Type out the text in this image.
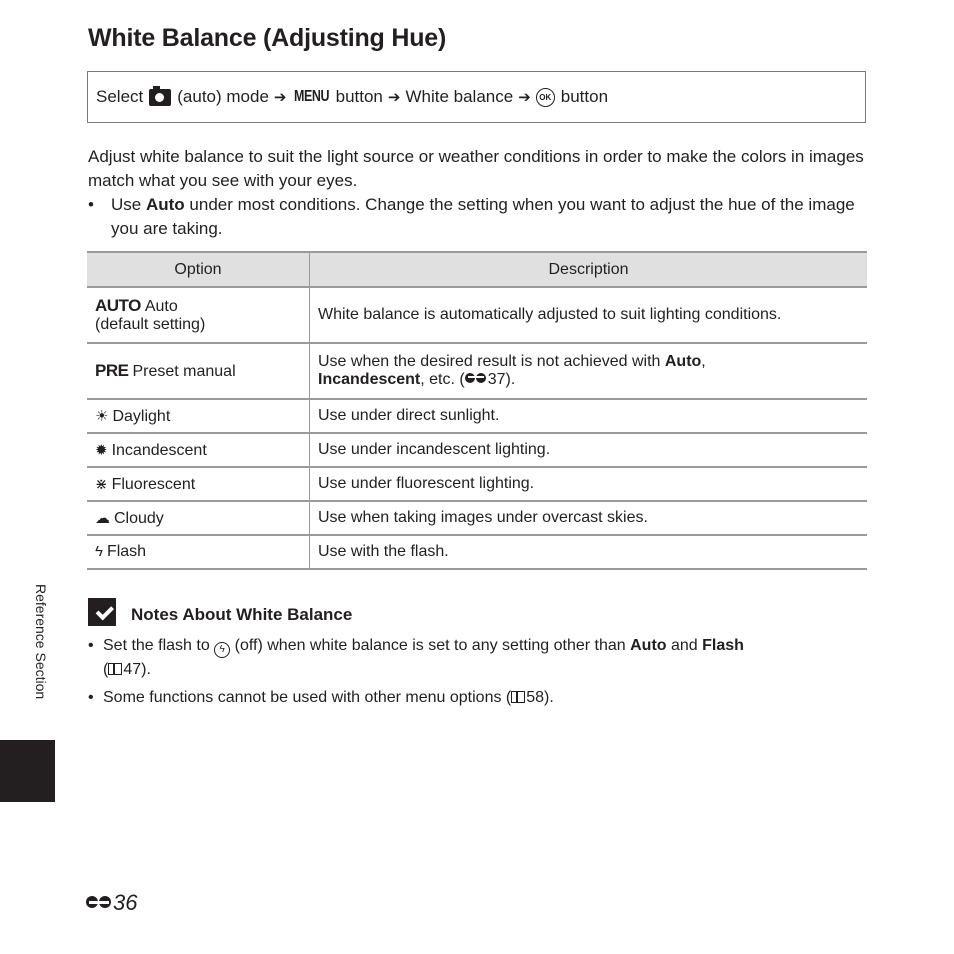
White Balance (Adjusting Hue)
Select (auto) mode ➔ MENU button ➔ White balance ➔	OK button

Adjust white balance to suit the light source or weather conditions in order to make the colors in images match what you see with your eyes.

• Use Auto under most conditions. Change the setting when you want to adjust the hue of the image you are taking.
Option	Description
AUTO Auto
(default setting)	White balance is automatically adjusted to suit lighting conditions.
PRE Preset manual	Use when the desired result is not achieved with Auto,
Incandescent, etc. ( 37).
☀ Daylight	Use under direct sunlight.
✹ Incandescent	Use under incandescent lighting.
⋇ Fluorescent	Use under fluorescent lighting.
☁ Cloudy	Use when taking images under overcast skies.
ϟ Flash	Use with the flash.
Notes About White Balance
• Set the flash to ϟ (off) when white balance is set to any setting other than Auto and Flash
( 47).
• Some functions cannot be used with other menu options ( 58).
Reference Section
36
